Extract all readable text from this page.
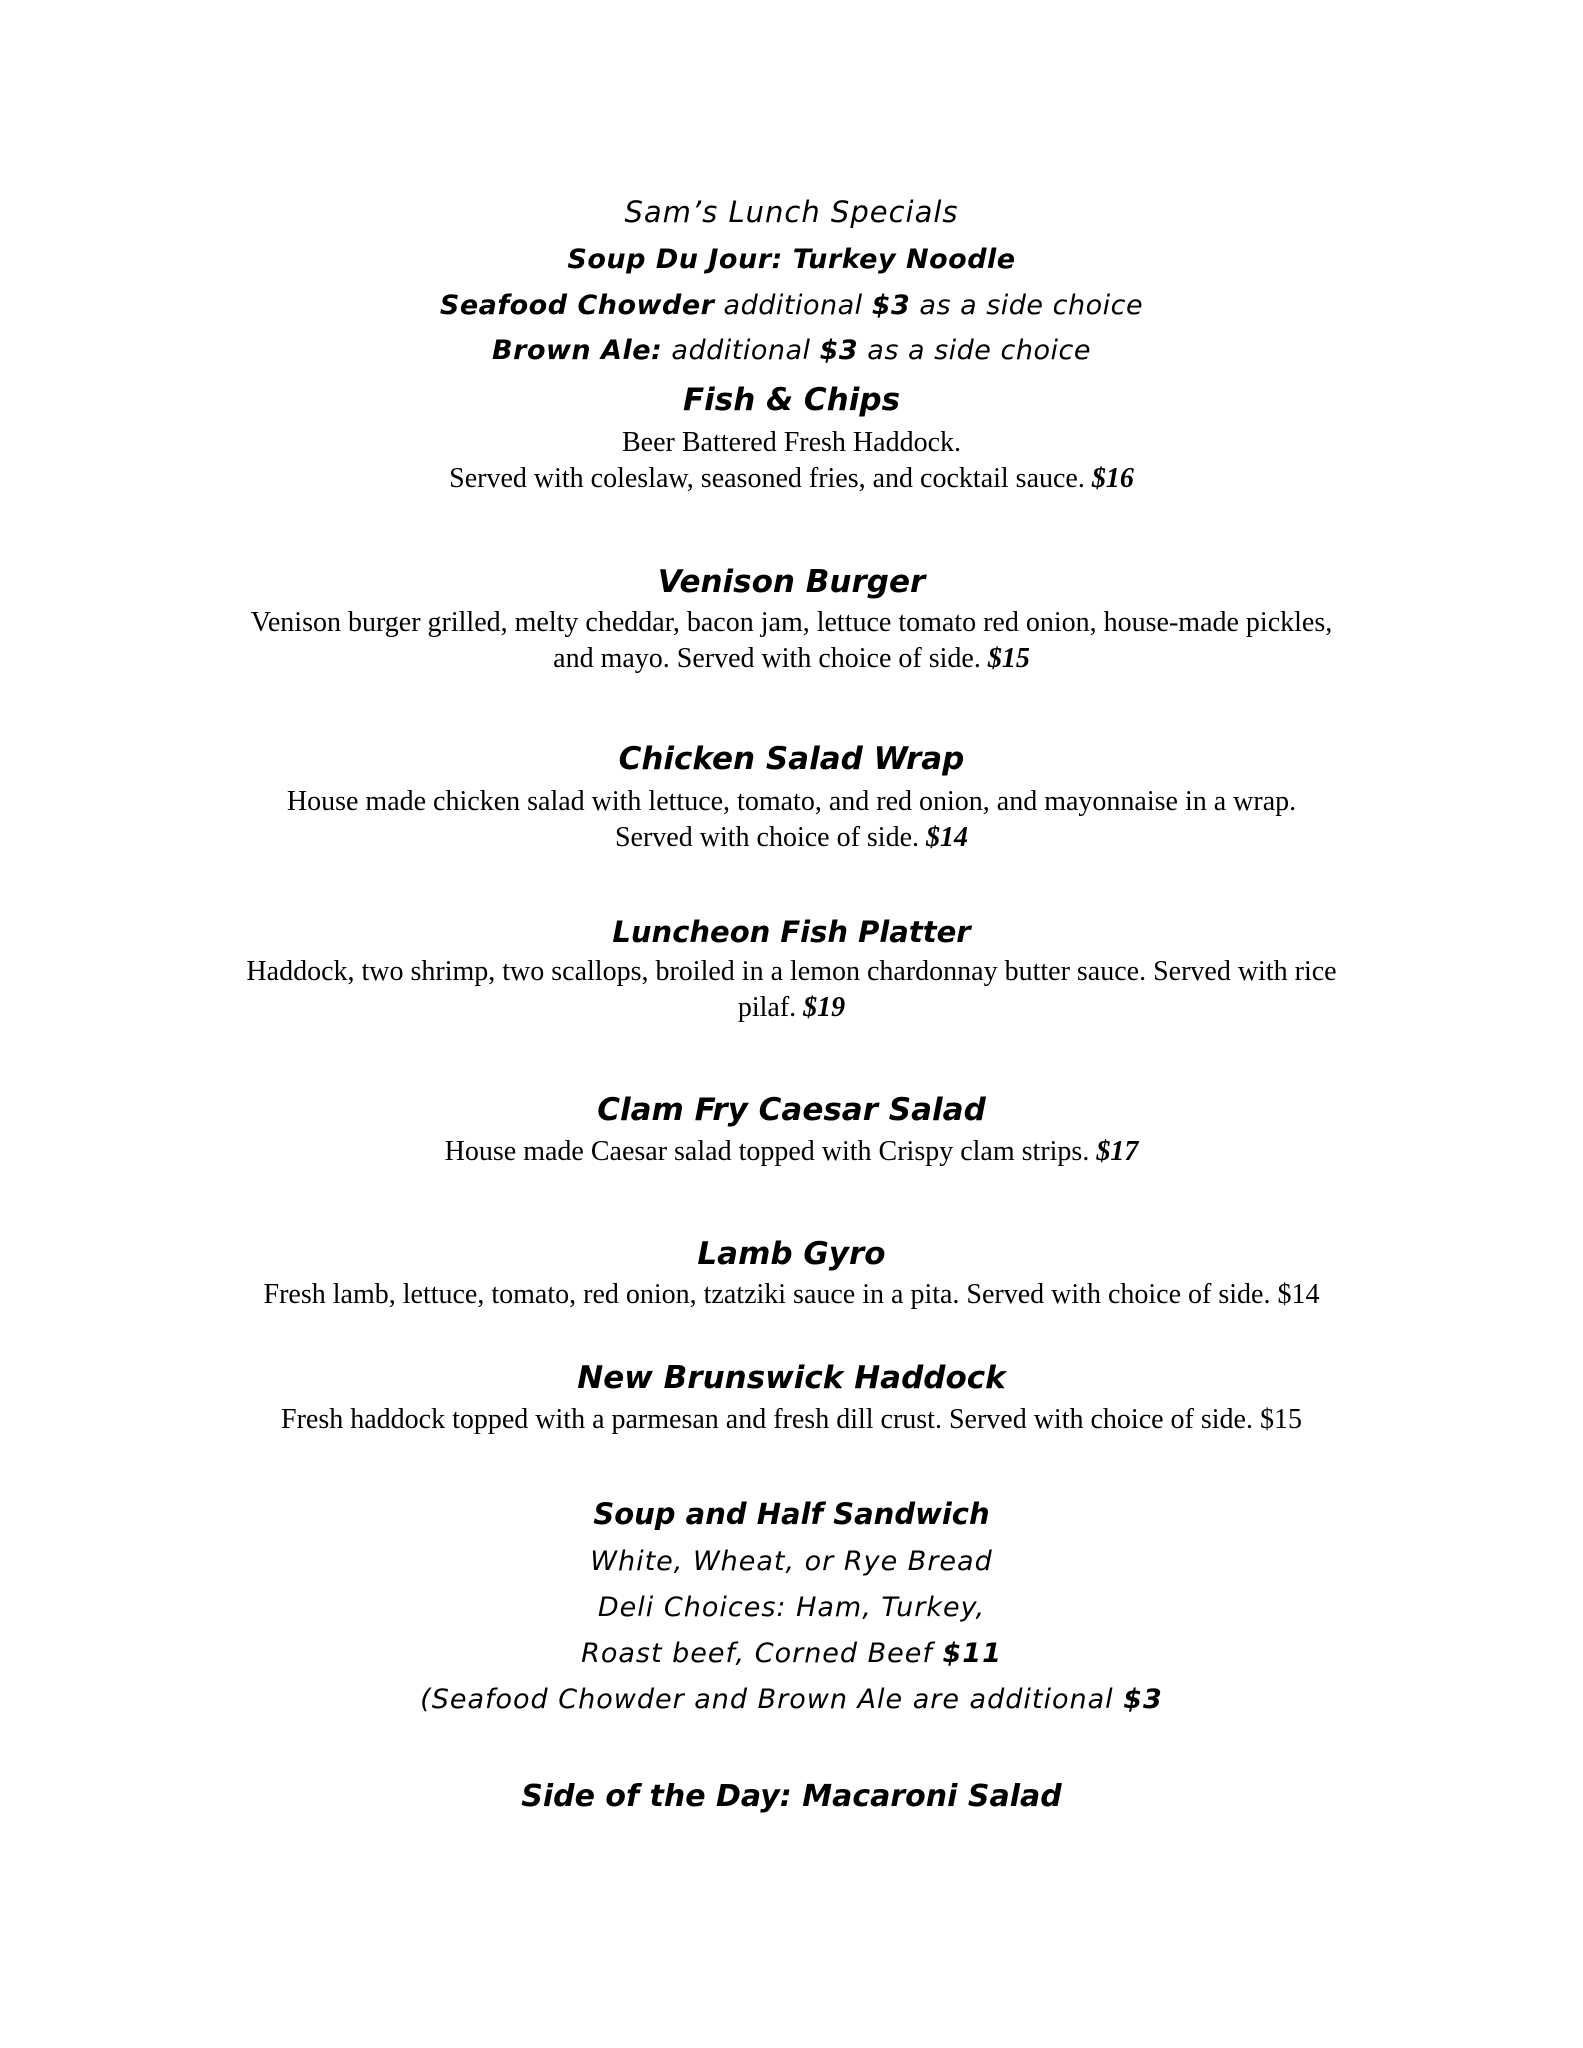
Sam’s Lunch Specials
Soup Du Jour: Turkey Noodle
Seafood Chowder additional $3 as a side choice
Brown Ale: additional $3 as a side choice
Fish & Chips
Beer Battered Fresh Haddock.
Served with coleslaw, seasoned fries, and cocktail sauce. $16
Venison Burger
Venison burger grilled, melty cheddar, bacon jam, lettuce tomato red onion, house-made pickles,
and mayo. Served with choice of side. $15
Chicken Salad Wrap
House made chicken salad with lettuce, tomato, and red onion, and mayonnaise in a wrap.
Served with choice of side. $14
Luncheon Fish Platter
Haddock, two shrimp, two scallops, broiled in a lemon chardonnay butter sauce. Served with rice
pilaf. $19
Clam Fry Caesar Salad
House made Caesar salad topped with Crispy clam strips. $17
Lamb Gyro
Fresh lamb, lettuce, tomato, red onion, tzatziki sauce in a pita. Served with choice of side. $14
New Brunswick Haddock
Fresh haddock topped with a parmesan and fresh dill crust. Served with choice of side. $15
Soup and Half Sandwich
White, Wheat, or Rye Bread
Deli Choices: Ham, Turkey,
Roast beef, Corned Beef $11
(Seafood Chowder and Brown Ale are additional $3
Side of the Day: Macaroni Salad
